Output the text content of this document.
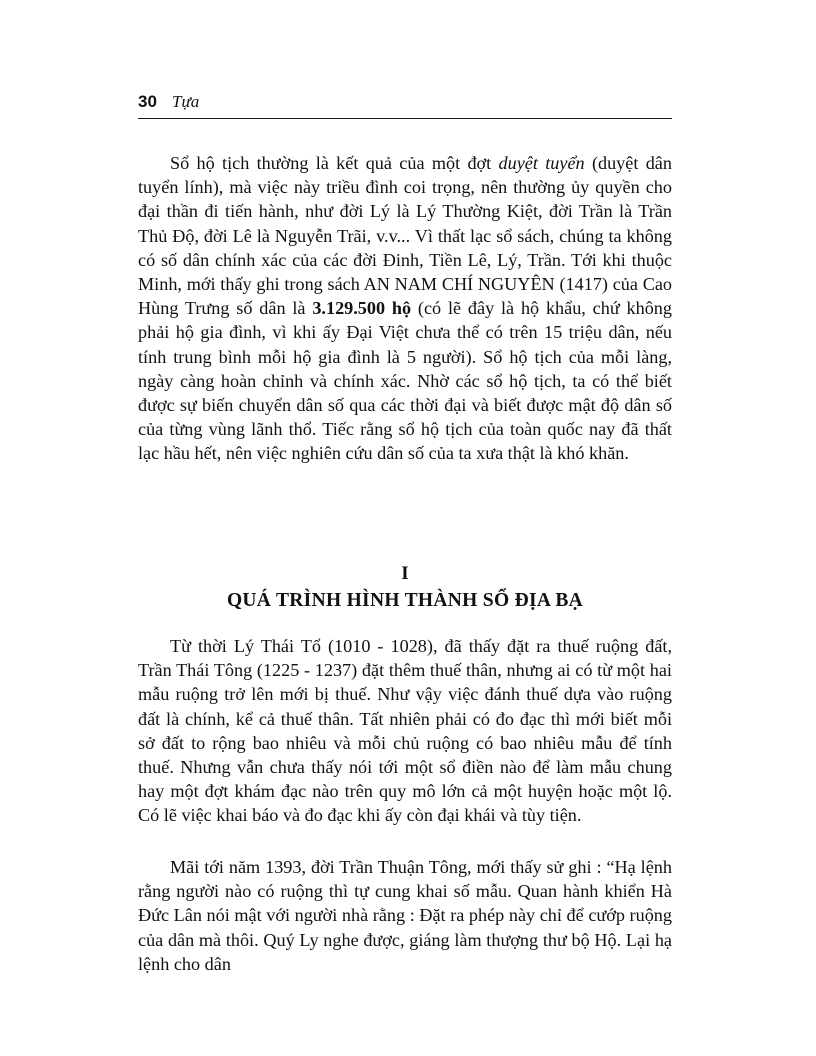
30 Tựa

Sổ hộ tịch thường là kết quả của một đợt duyệt tuyển (duyệt dân tuyển lính), mà việc này triều đình coi trọng, nên thường ủy quyền cho đại thần đi tiến hành, như đời Lý là Lý Thường Kiệt, đời Trần là Trần Thủ Độ, đời Lê là Nguyễn Trãi, v.v... Vì thất lạc sổ sách, chúng ta không có số dân chính xác của các đời Đinh, Tiền Lê, Lý, Trần. Tới khi thuộc Minh, mới thấy ghi trong sách AN NAM CHÍ NGUYÊN (1417) của Cao Hùng Trưng số dân là 3.129.500 hộ (có lẽ đây là hộ khẩu, chứ không phải hộ gia đình, vì khi ấy Đại Việt chưa thể có trên 15 triệu dân, nếu tính trung bình mỗi hộ gia đình là 5 người). Sổ hộ tịch của mỗi làng, ngày càng hoàn chỉnh và chính xác. Nhờ các sổ hộ tịch, ta có thể biết được sự biến chuyển dân số qua các thời đại và biết được mật độ dân số của từng vùng lãnh thổ. Tiếc rằng sổ hộ tịch của toàn quốc nay đã thất lạc hầu hết, nên việc nghiên cứu dân số của ta xưa thật là khó khăn.

I
QUÁ TRÌNH HÌNH THÀNH SỔ ĐỊA BẠ

Từ thời Lý Thái Tổ (1010 - 1028), đã thấy đặt ra thuế ruộng đất, Trần Thái Tông (1225 - 1237) đặt thêm thuế thân, nhưng ai có từ một hai mẫu ruộng trở lên mới bị thuế. Như vậy việc đánh thuế dựa vào ruộng đất là chính, kể cả thuế thân. Tất nhiên phải có đo đạc thì mới biết mỗi sở đất to rộng bao nhiêu và mỗi chủ ruộng có bao nhiêu mẫu để tính thuế. Nhưng vẫn chưa thấy nói tới một sổ điền nào để làm mẫu chung hay một đợt khám đạc nào trên quy mô lớn cả một huyện hoặc một lộ. Có lẽ việc khai báo và đo đạc khi ấy còn đại khái và tùy tiện.

Mãi tới năm 1393, đời Trần Thuận Tông, mới thấy sử ghi : “Hạ lệnh rằng người nào có ruộng thì tự cung khai số mẫu. Quan hành khiển Hà Đức Lân nói mật với người nhà rằng : Đặt ra phép này chỉ để cướp ruộng của dân mà thôi. Quý Ly nghe được, giáng làm thượng thư bộ Hộ. Lại hạ lệnh cho dân
